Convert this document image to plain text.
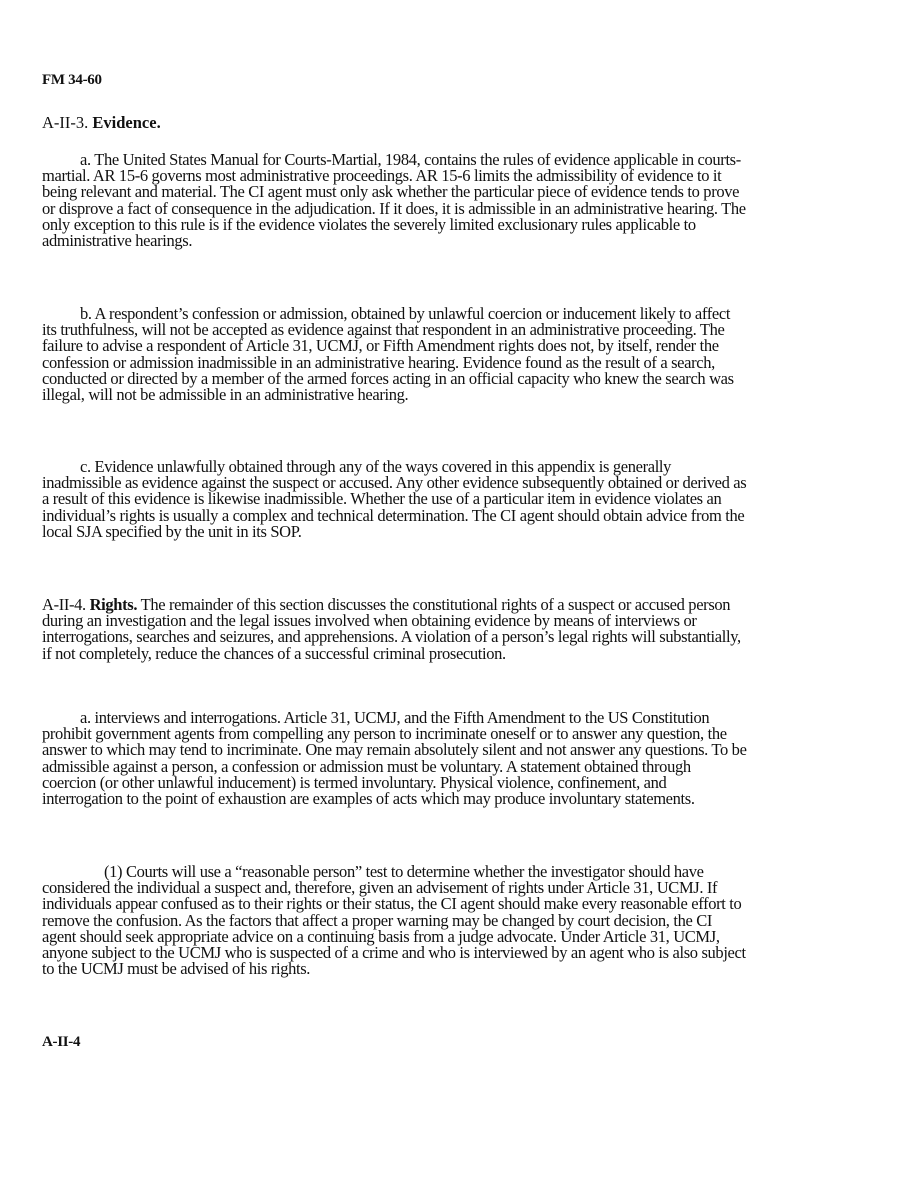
FM 34-60
A-II-3. Evidence.
a. The United States Manual for Courts-Martial, 1984, contains the rules of evidence applicable in courts-martial. AR 15-6 governs most administrative proceedings. AR 15-6 limits the admissibility of evidence to it being relevant and material. The CI agent must only ask whether the particular piece of evidence tends to prove or disprove a fact of consequence in the adjudication. If it does, it is admissible in an administrative hearing. The only exception to this rule is if the evidence violates the severely limited exclusionary rules applicable to administrative hearings.
b. A respondent’s confession or admission, obtained by unlawful coercion or inducement likely to affect its truthfulness, will not be accepted as evidence against that respondent in an administrative proceeding. The failure to advise a respondent of Article 31, UCMJ, or Fifth Amendment rights does not, by itself, render the confession or admission inadmissible in an administrative hearing. Evidence found as the result of a search, conducted or directed by a member of the armed forces acting in an official capacity who knew the search was illegal, will not be admissible in an administrative hearing.
c. Evidence unlawfully obtained through any of the ways covered in this appendix is generally inadmissible as evidence against the suspect or accused. Any other evidence subsequently obtained or derived as a result of this evidence is likewise inadmissible. Whether the use of a particular item in evidence violates an individual’s rights is usually a complex and technical determination. The CI agent should obtain advice from the local SJA specified by the unit in its SOP.
A-II-4. Rights. The remainder of this section discusses the constitutional rights of a suspect or accused person during an investigation and the legal issues involved when obtaining evidence by means of interviews or interrogations, searches and seizures, and apprehensions. A violation of a person’s legal rights will substantially, if not completely, reduce the chances of a successful criminal prosecution.
a. interviews and interrogations. Article 31, UCMJ, and the Fifth Amendment to the US Constitution prohibit government agents from compelling any person to incriminate oneself or to answer any question, the answer to which may tend to incriminate. One may remain absolutely silent and not answer any questions. To be admissible against a person, a confession or admission must be voluntary. A statement obtained through coercion (or other unlawful inducement) is termed involuntary. Physical violence, confinement, and interrogation to the point of exhaustion are examples of acts which may produce involuntary statements.
(1) Courts will use a “reasonable person” test to determine whether the investigator should have considered the individual a suspect and, therefore, given an advisement of rights under Article 31, UCMJ. If individuals appear confused as to their rights or their status, the CI agent should make every reasonable effort to remove the confusion. As the factors that affect a proper warning may be changed by court decision, the CI agent should seek appropriate advice on a continuing basis from a judge advocate. Under Article 31, UCMJ, anyone subject to the UCMJ who is suspected of a crime and who is interviewed by an agent who is also subject to the UCMJ must be advised of his rights.
A-II-4
